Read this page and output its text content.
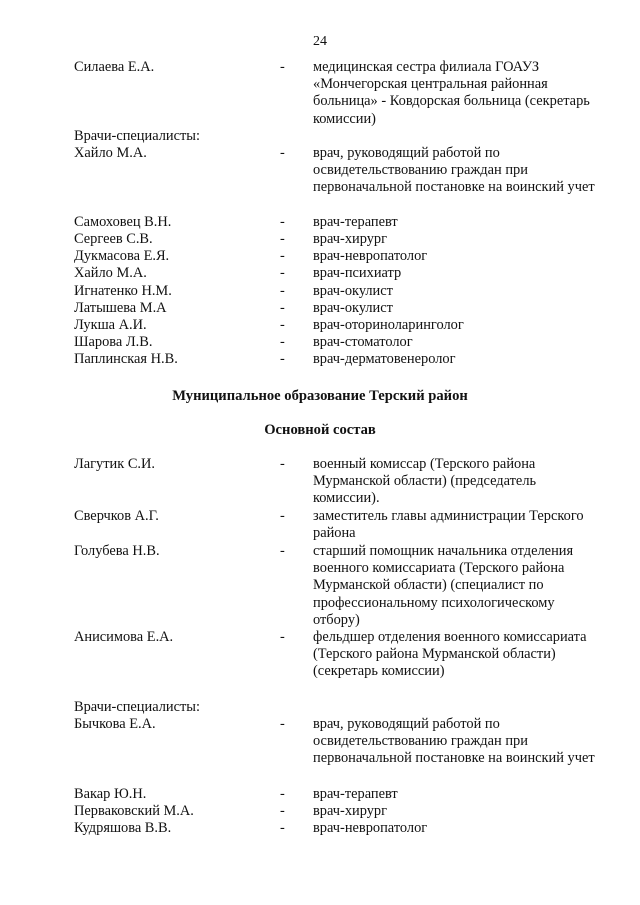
24
Силаева Е.А.	- медицинская сестра филиала ГОАУЗ «Мончегорская центральная районная больница» - Ковдорская больница (секретарь комиссии)
Врачи-специалисты:
Хайло М.А.	- врач, руководящий работой по освидетельствованию граждан при первоначальной постановке на воинский учет
Самоховец В.Н.	- врач-терапевт
Сергеев С.В.	- врач-хирург
Дукмасова Е.Я.	- врач-невропатолог
Хайло М.А.	- врач-психиатр
Игнатенко Н.М.	- врач-окулист
Латышева М.А	- врач-окулист
Лукша А.И.	- врач-оториноларинголог
Шарова Л.В.	- врач-стоматолог
Паплинская Н.В.	- врач-дерматовенеролог
Муниципальное образование Терский район
Основной состав
Лагутик С.И.	- военный комиссар (Терского района Мурманской области) (председатель комиссии).
Сверчков А.Г.	- заместитель главы администрации Терского района
Голубева Н.В.	- старший помощник начальника отделения военного комиссариата (Терского района Мурманской области) (специалист по профессиональному психологическому отбору)
Анисимова Е.А.	- фельдшер отделения военного комиссариата (Терского района Мурманской области) (секретарь комиссии)
Врачи-специалисты:
Бычкова Е.А.	- врач, руководящий работой по освидетельствованию граждан при первоначальной постановке на воинский учет
Вакар Ю.Н.	- врач-терапевт
Перваковский М.А.	- врач-хирург
Кудряшова В.В.	- врач-невропатолог
